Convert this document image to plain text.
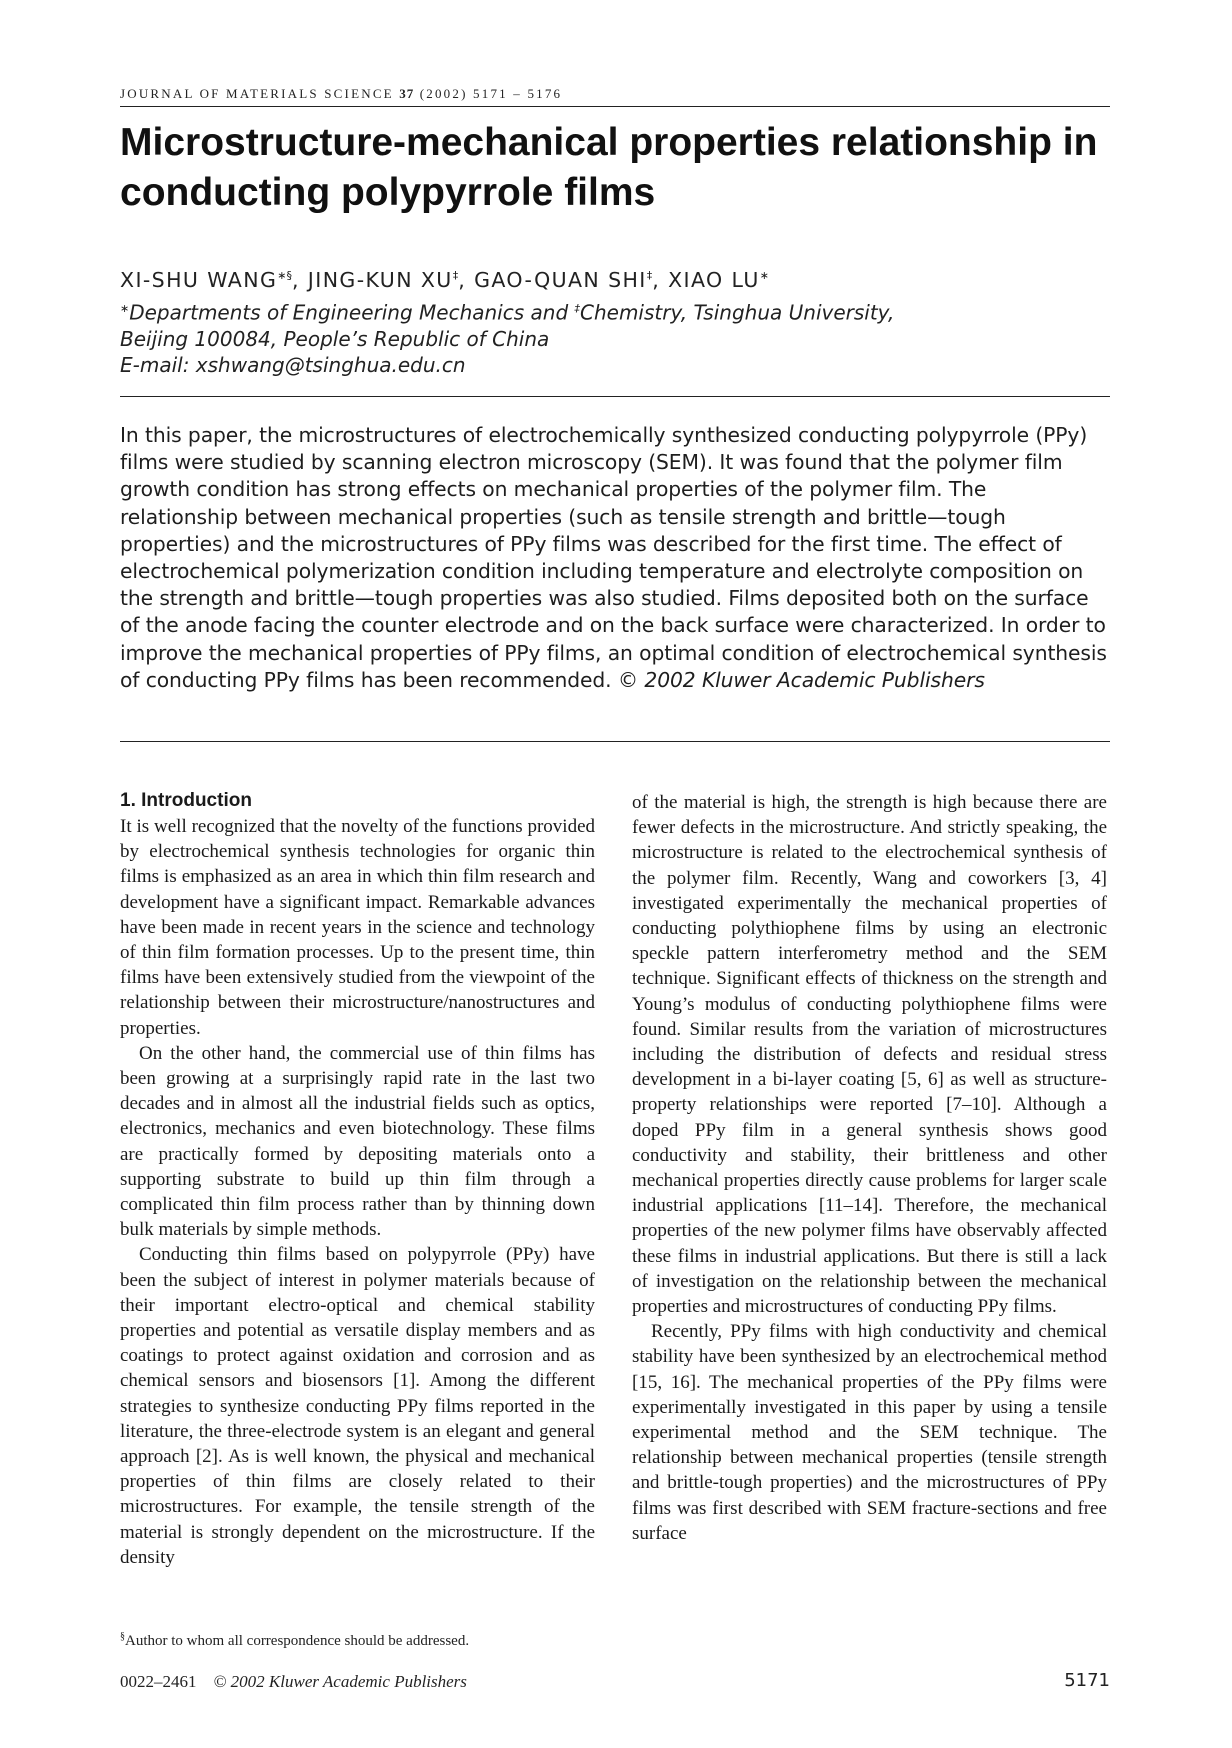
JOURNAL OF MATERIALS SCIENCE 37 (2002) 5171 – 5176
Microstructure-mechanical properties relationship in conducting polypyrrole films
XI-SHU WANG∗§, JING-KUN XU‡, GAO-QUAN SHI‡, XIAO LU∗
∗Departments of Engineering Mechanics and ‡Chemistry, Tsinghua University,
Beijing 100084, People’s Republic of China
E-mail: xshwang@tsinghua.edu.cn
In this paper, the microstructures of electrochemically synthesized conducting polypyrrole (PPy) films were studied by scanning electron microscopy (SEM). It was found that the polymer film growth condition has strong effects on mechanical properties of the polymer film. The relationship between mechanical properties (such as tensile strength and brittle—tough properties) and the microstructures of PPy films was described for the first time. The effect of electrochemical polymerization condition including temperature and electrolyte composition on the strength and brittle—tough properties was also studied. Films deposited both on the surface of the anode facing the counter electrode and on the back surface were characterized. In order to improve the mechanical properties of PPy films, an optimal condition of electrochemical synthesis of conducting PPy films has been recommended. © 2002 Kluwer Academic Publishers
1. Introduction

It is well recognized that the novelty of the functions provided by electrochemical synthesis technologies for organic thin films is emphasized as an area in which thin film research and development have a significant impact. Remarkable advances have been made in recent years in the science and technology of thin film formation processes. Up to the present time, thin films have been extensively studied from the viewpoint of the relationship between their microstructure/nanostructures and properties.

On the other hand, the commercial use of thin films has been growing at a surprisingly rapid rate in the last two decades and in almost all the industrial fields such as optics, electronics, mechanics and even biotechnology. These films are practically formed by depositing materials onto a supporting substrate to build up thin film through a complicated thin film process rather than by thinning down bulk materials by simple methods.

Conducting thin films based on polypyrrole (PPy) have been the subject of interest in polymer materials because of their important electro-optical and chemical stability properties and potential as versatile display members and as coatings to protect against oxidation and corrosion and as chemical sensors and biosensors [1]. Among the different strategies to synthesize conducting PPy films reported in the literature, the three-electrode system is an elegant and general approach [2]. As is well known, the physical and mechanical properties of thin films are closely related to their microstructures. For example, the tensile strength of the material is strongly dependent on the microstructure. If the density

of the material is high, the strength is high because there are fewer defects in the microstructure. And strictly speaking, the microstructure is related to the electrochemical synthesis of the polymer film. Recently, Wang and coworkers [3, 4] investigated experimentally the mechanical properties of conducting polythiophene films by using an electronic speckle pattern interferometry method and the SEM technique. Significant effects of thickness on the strength and Young’s modulus of conducting polythiophene films were found. Similar results from the variation of microstructures including the distribution of defects and residual stress development in a bi-layer coating [5, 6] as well as structure-property relationships were reported [7–10]. Although a doped PPy film in a general synthesis shows good conductivity and stability, their brittleness and other mechanical properties directly cause problems for larger scale industrial applications [11–14]. Therefore, the mechanical properties of the new polymer films have observably affected these films in industrial applications. But there is still a lack of investigation on the relationship between the mechanical properties and microstructures of conducting PPy films.

Recently, PPy films with high conductivity and chemical stability have been synthesized by an electrochemical method [15, 16]. The mechanical properties of the PPy films were experimentally investigated in this paper by using a tensile experimental method and the SEM technique. The relationship between mechanical properties (tensile strength and brittle-tough properties) and the microstructures of PPy films was first described with SEM fracture-sections and free surface

§Author to whom all correspondence should be addressed.
0022–2461 © 2002 Kluwer Academic Publishers	5171
